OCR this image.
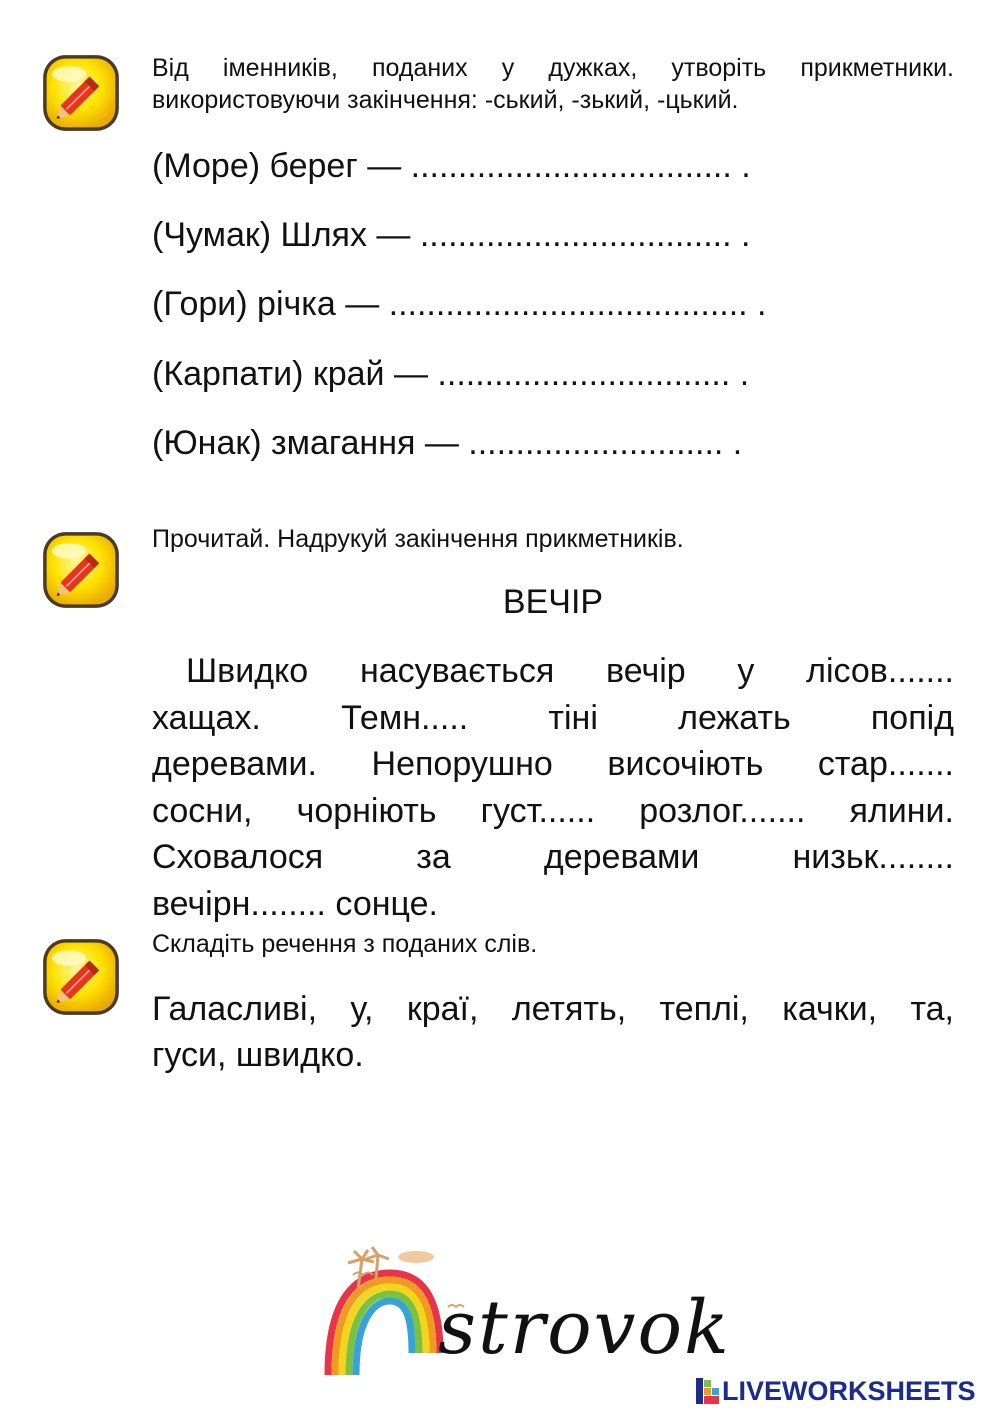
Від іменників, поданих у дужках, утворіть прикметники.
використовуючи закінчення: -ський, -зький, -цький.
(Море) берег — .................................. .
(Чумак) Шлях — ................................. .
(Гори) річка — ...................................... .
(Карпати) край — ............................... .
(Юнак) змагання — ........................... .
Прочитай. Надрукуй закінчення прикметників.
ВЕЧІР
Швидко насувається вечір у лісов.......
хащах. Темн..... тіні лежать попід
деревами. Непорушно височіють стар.......
сосни, чорніють густ...... розлог....... ялини.
Сховалося за деревами низьк........
вечірн........ сонце.
Складіть речення з поданих слів.
Галасливі, у, краї, летять, теплі, качки, та,
гуси, швидко.
strovok
LIVEWORKSHEETS
